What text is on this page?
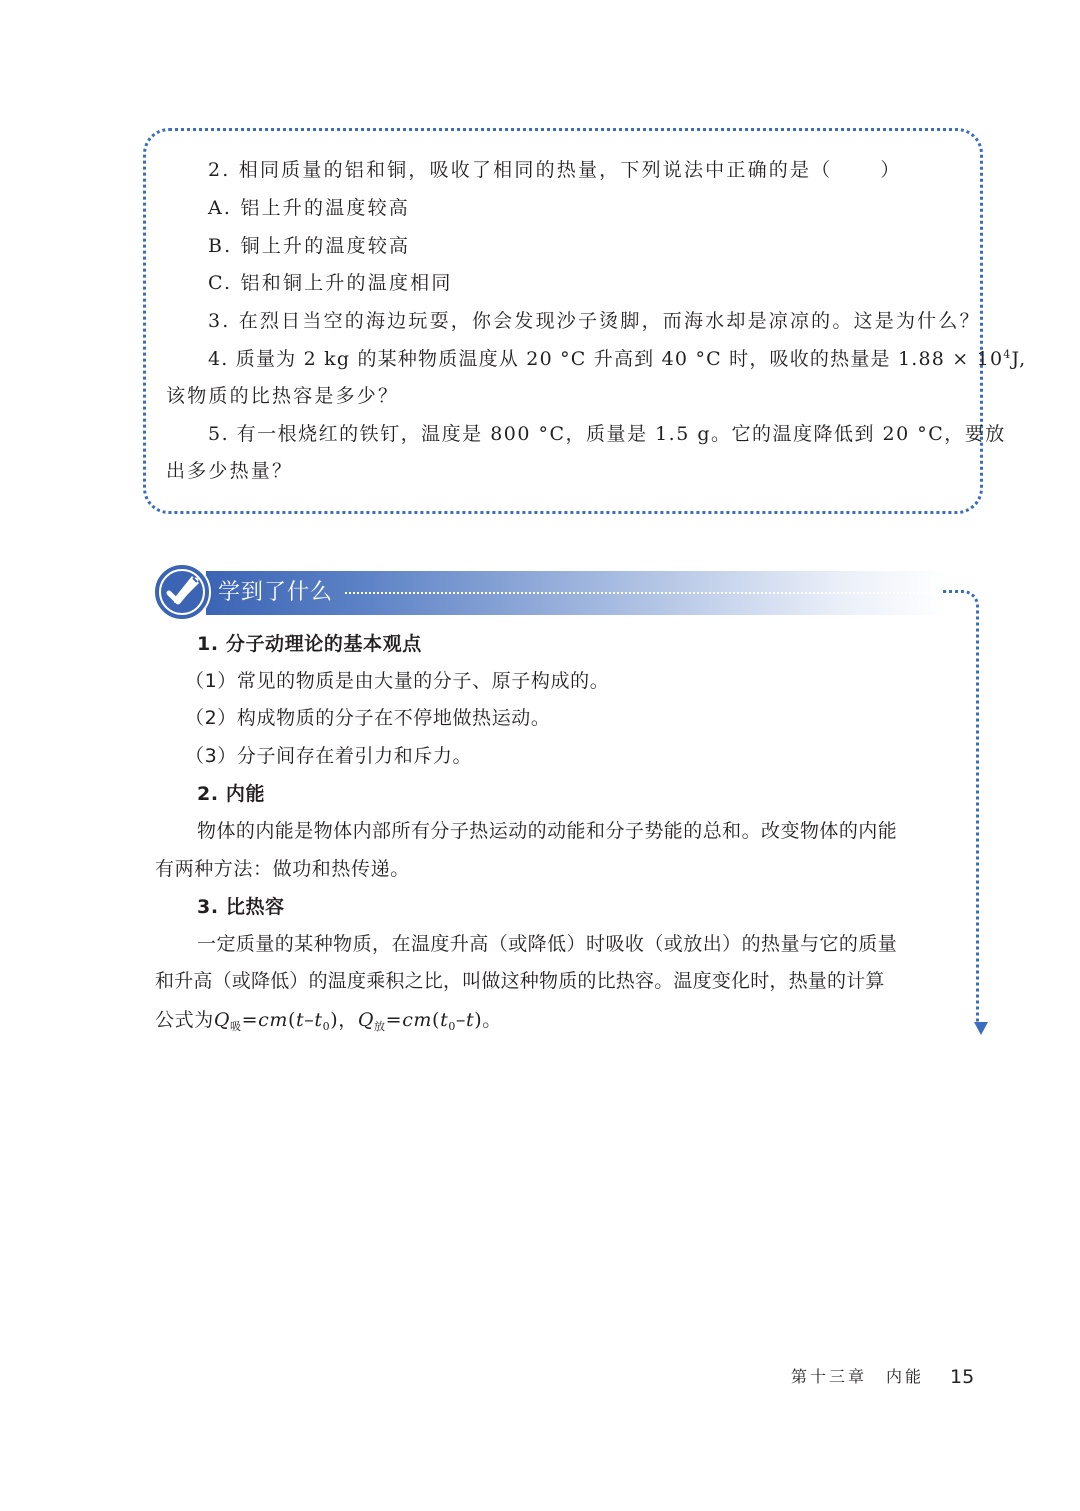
2. 相同质量的铝和铜，吸收了相同的热量，下列说法中正确的是（	）
A. 铝上升的温度较高
B. 铜上升的温度较高
C. 铝和铜上升的温度相同
3. 在烈日当空的海边玩耍，你会发现沙子烫脚，而海水却是凉凉的。这是为什么？
4. 质量为 2 kg 的某种物质温度从 20 °C 升高到 40 °C 时，吸收的热量是 $1.88 \times 10^4J$,
该物质的比热容是多少？
5. 有一根烧红的铁钉，温度是 800 °C，质量是 1.5 g。它的温度降低到 20 °C，要放
出多少热量？
学到了什么
1. 分子动理论的基本观点
（1）常见的物质是由大量的分子、原子构成的。
（2）构成物质的分子在不停地做热运动。
（3）分子间存在着引力和斥力。
2. 内能
物体的内能是物体内部所有分子热运动的动能和分子势能的总和。改变物体的内能
有两种方法：做功和热传递。
3. 比热容
一定质量的某种物质，在温度升高（或降低）时吸收（或放出）的热量与它的质量
和升高（或降低）的温度乘积之比，叫做这种物质的比热容。温度变化时，热量的计算
公式为$Q_吸=cm(t-t_0)$，$Q_放=cm(t_0-t)$。
第十三章　内能 15
